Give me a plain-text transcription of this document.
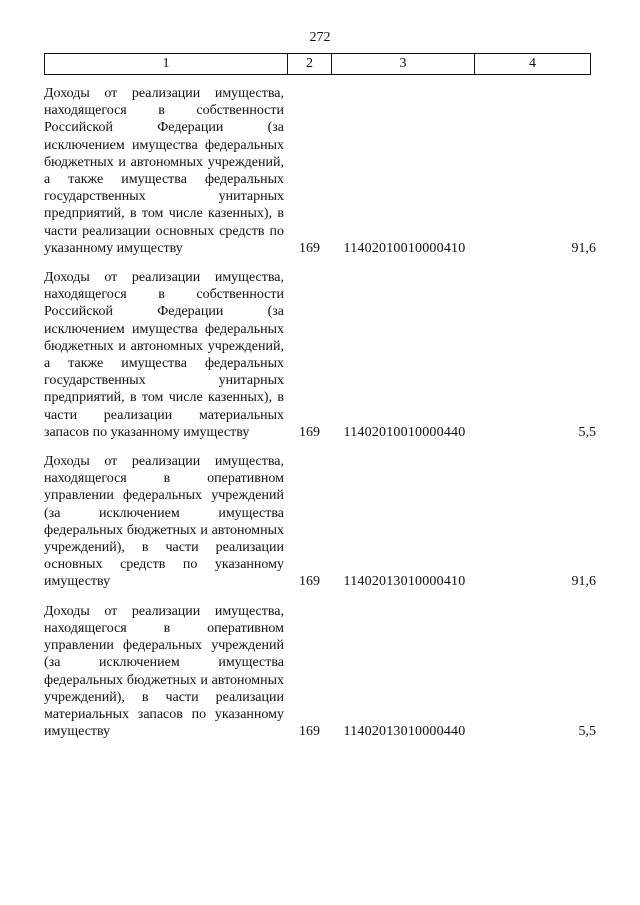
272
1	2	3	4
Доходы от реализации имущества, находящегося в собственности Российской Федерации (за исключением имущества федеральных бюджетных и автономных учреждений, а также имущества федеральных государственных унитарных предприятий, в том числе казенных), в части реализации основных средств по указанному имуществу	169	11402010010000410	91,6
Доходы от реализации имущества, находящегося в собственности Российской Федерации (за исключением имущества федеральных бюджетных и автономных учреждений, а также имущества федеральных государственных унитарных предприятий, в том числе казенных), в части реализации материальных запасов по указанному имуществу	169	11402010010000440	5,5
Доходы от реализации имущества, находящегося в оперативном управлении федеральных учреждений (за исключением имущества федеральных бюджетных и автономных учреждений), в части реализации основных средств по указанному имуществу	169	11402013010000410	91,6
Доходы от реализации имущества, находящегося в оперативном управлении федеральных учреждений (за исключением имущества федеральных бюджетных и автономных учреждений), в части реализации материальных запасов по указанному имуществу	169	11402013010000440	5,5
